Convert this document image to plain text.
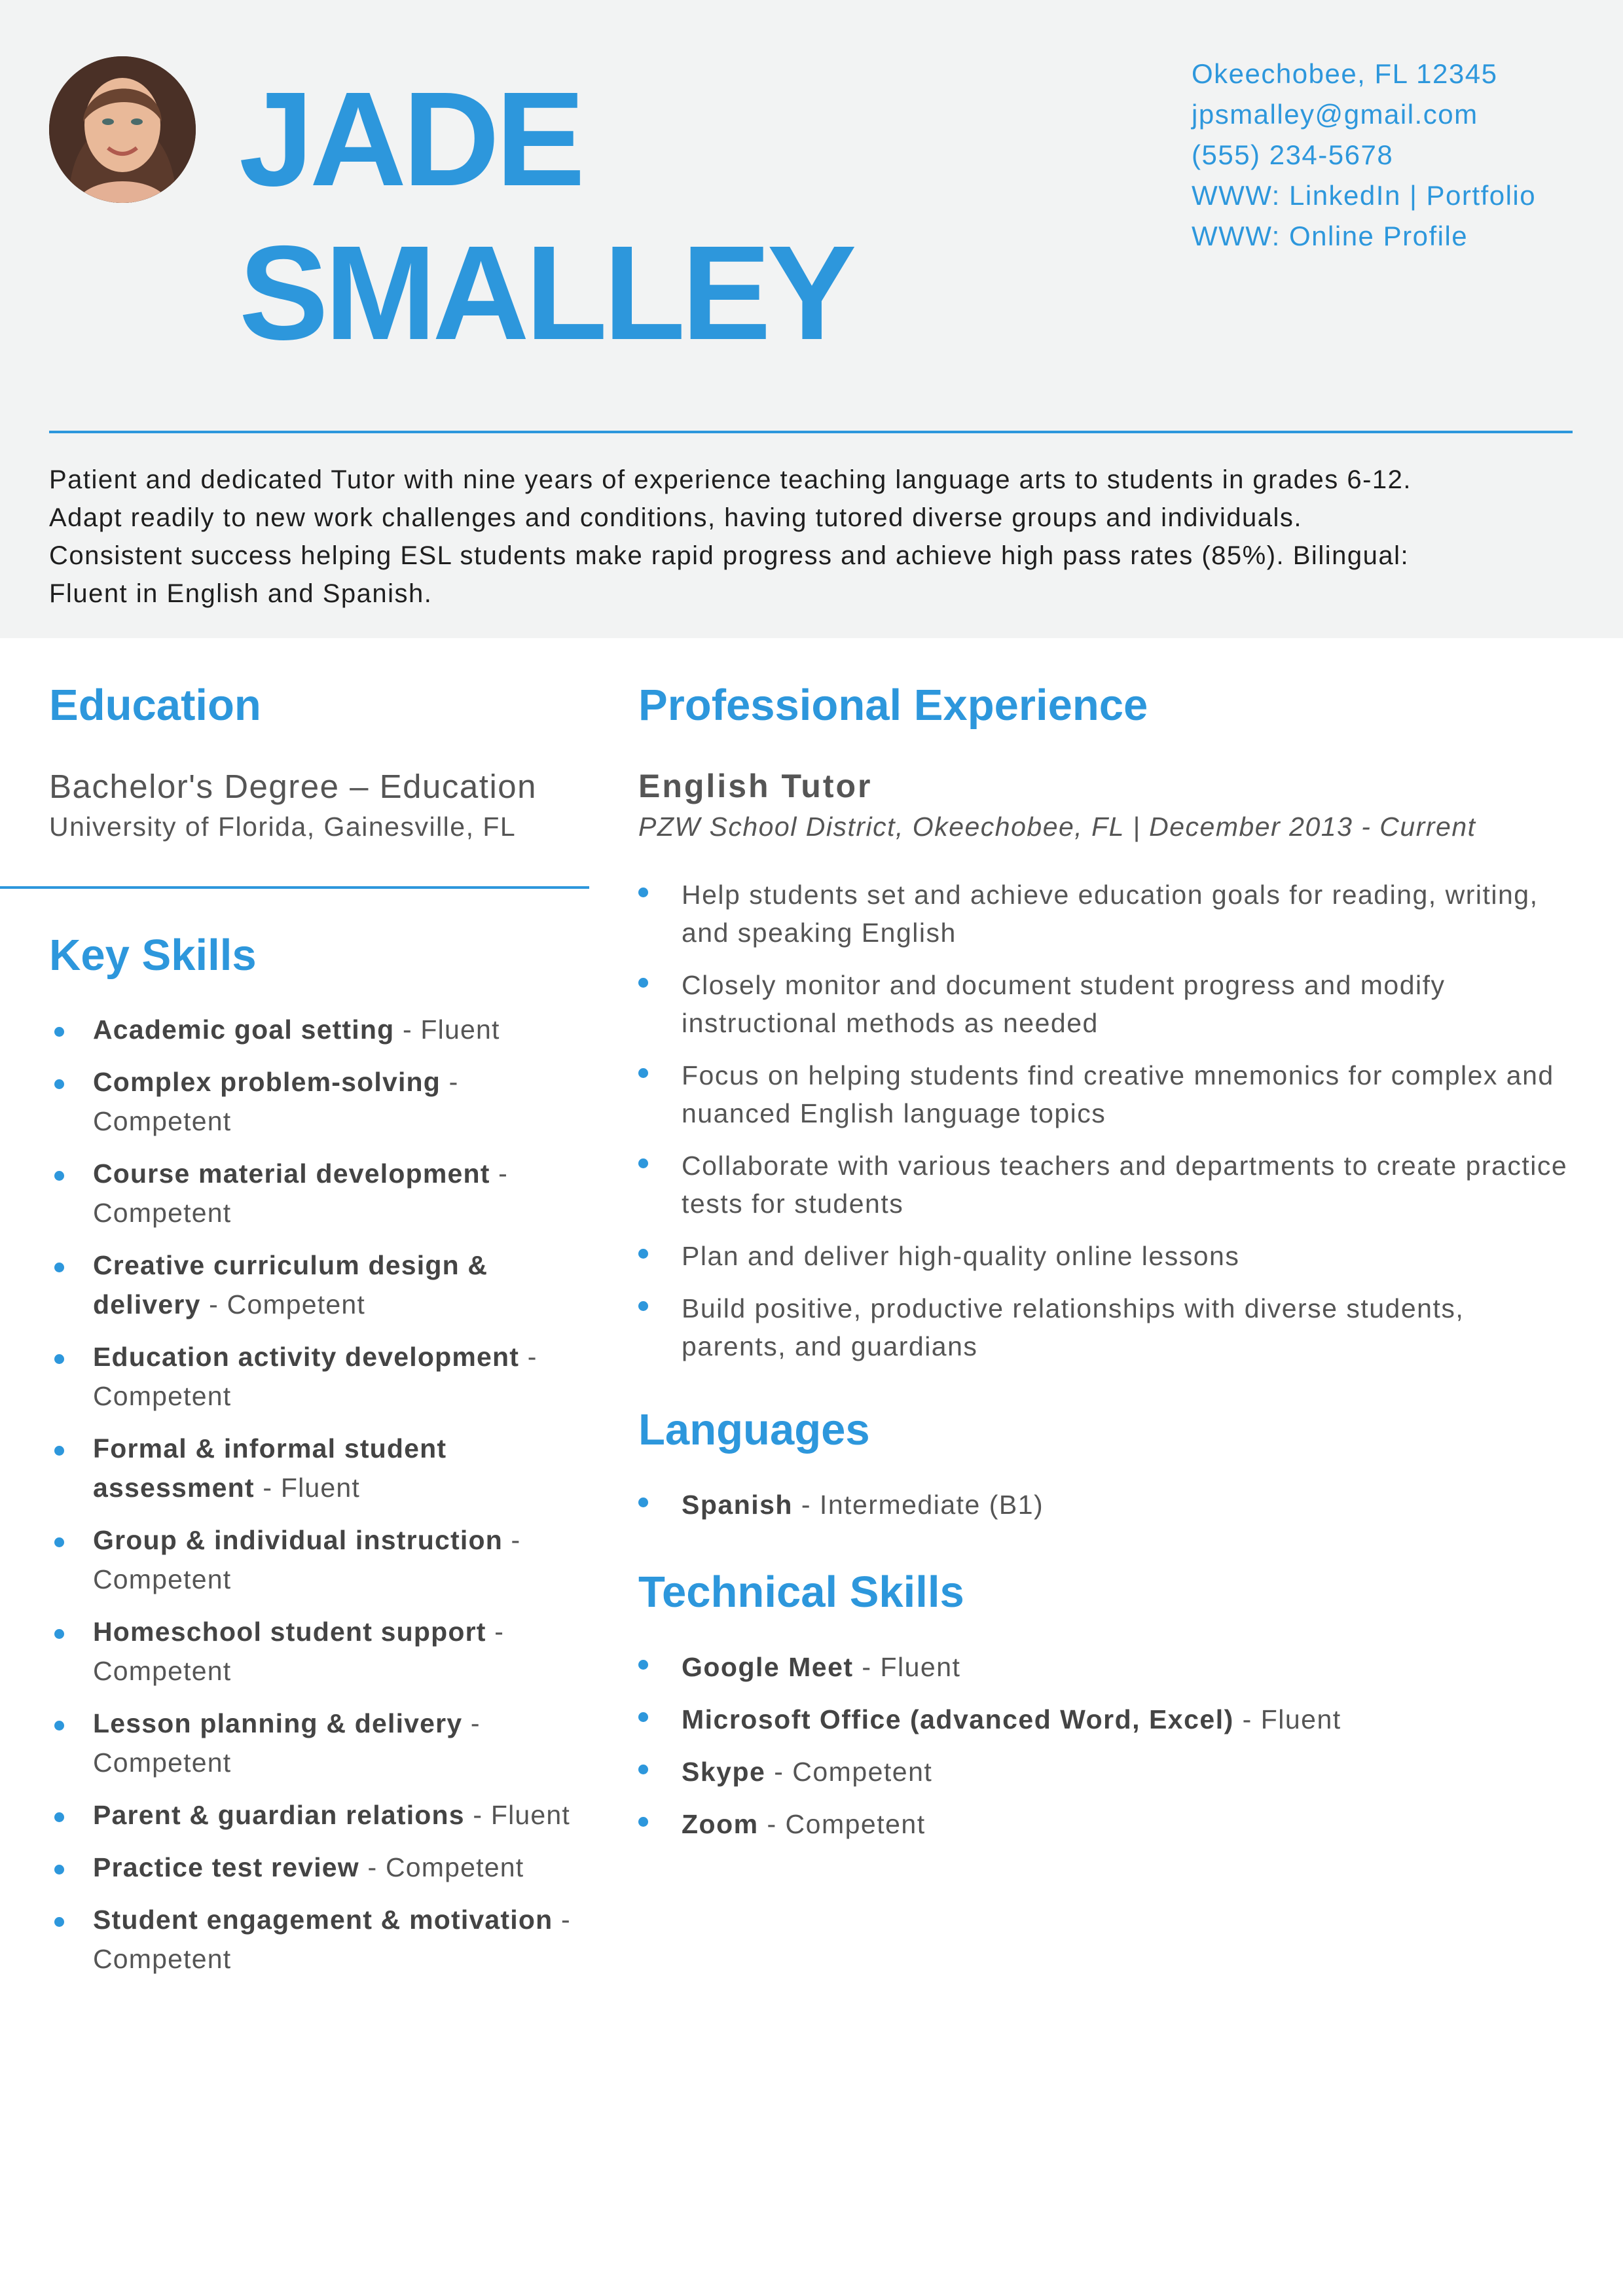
JADE
SMALLEY
Okeechobee, FL 12345
jpsmalley@gmail.com
(555) 234-5678
WWW: LinkedIn | Portfolio
WWW: Online Profile
Patient and dedicated Tutor with nine years of experience teaching language arts to students in grades 6-12.
Adapt readily to new work challenges and conditions, having tutored diverse groups and individuals.
Consistent success helping ESL students make rapid progress and achieve high pass rates (85%). Bilingual:
Fluent in English and Spanish.
Education
Bachelor's Degree – Education
University of Florida, Gainesville, FL
Key Skills
Academic goal setting - Fluent
Complex problem-solving -
Competent
Course material development -
Competent
Creative curriculum design & delivery - Competent
Education activity development -
Competent
Formal & informal student assessment - Fluent
Group & individual instruction -
Competent
Homeschool student support -
Competent
Lesson planning & delivery -
Competent
Parent & guardian relations - Fluent
Practice test review - Competent
Student engagement & motivation -
Competent
Professional Experience
English Tutor
PZW School District, Okeechobee, FL | December 2013 - Current
Help students set and achieve education goals for reading, writing, and speaking English
Closely monitor and document student progress and modify instructional methods as needed
Focus on helping students find creative mnemonics for complex and nuanced English language topics
Collaborate with various teachers and departments to create practice tests for students
Plan and deliver high-quality online lessons
Build positive, productive relationships with diverse students, parents, and guardians
Languages
Spanish - Intermediate (B1)
Technical Skills
Google Meet - Fluent
Microsoft Office (advanced Word, Excel) - Fluent
Skype - Competent
Zoom - Competent
